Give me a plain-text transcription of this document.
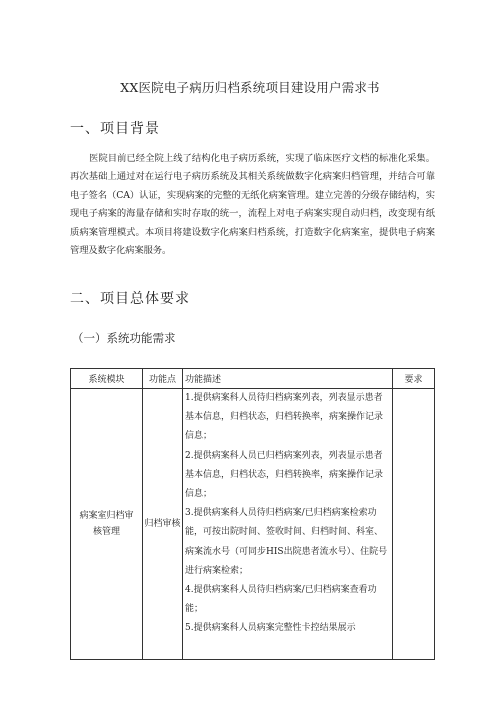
XX医院电子病历归档系统项目建设用户需求书
一、项目背景
医院目前已经全院上线了结构化电子病历系统，实现了临床医疗文档的标准化采集。再次基础上通过对在运行电子病历系统及其相关系统做数字化病案归档管理，并结合可靠电子签名（CA）认证，实现病案的完整的无纸化病案管理。建立完善的分级存储结构，实现电子病案的海量存储和实时存取的统一，流程上对电子病案实现自动归档，改变现有纸质病案管理模式。本项目将建设数字化病案归档系统，打造数字化病案室，提供电子病案管理及数字化病案服务。
二、项目总体要求
（一）系统功能需求
系统模块	功能点	功能描述	要求
病案室归档审核管理	归档审核	1.提供病案科人员待归档病案列表，列表显示患者基本信息，归档状态，归档转换率，病案操作记录信息；
2.提供病案科人员已归档病案列表，列表显示患者基本信息，归档状态，归档转换率，病案操作记录信息；
3.提供病案科人员待归档病案/已归档病案检索功能，可按出院时间、签收时间、归档时间、科室、病案流水号（可同步HIS出院患者流水号）、住院号进行病案检索；
4.提供病案科人员待归档病案/已归档病案查看功能；
5.提供病案科人员病案完整性卡控结果展示	
